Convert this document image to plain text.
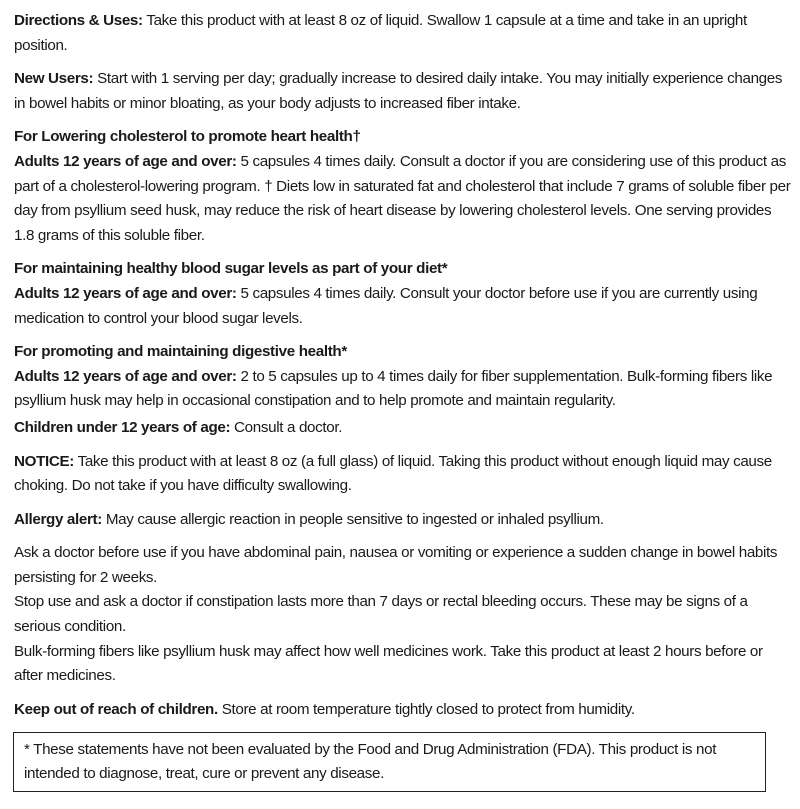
Directions & Uses: Take this product with at least 8 oz of liquid. Swallow 1 capsule at a time and take in an upright position.

New Users: Start with 1 serving per day; gradually increase to desired daily intake. You may initially experience changes in bowel habits or minor bloating, as your body adjusts to increased fiber intake.

For Lowering cholesterol to promote heart health†

Adults 12 years of age and over: 5 capsules 4 times daily. Consult a doctor if you are considering use of this product as part of a cholesterol-lowering program. † Diets low in saturated fat and cholesterol that include 7 grams of soluble fiber per day from psyllium seed husk, may reduce the risk of heart disease by lowering cholesterol levels. One serving provides 1.8 grams of this soluble fiber.

For maintaining healthy blood sugar levels as part of your diet*

Adults 12 years of age and over: 5 capsules 4 times daily. Consult your doctor before use if you are currently using medication to control your blood sugar levels.

For promoting and maintaining digestive health*

Adults 12 years of age and over: 2 to 5 capsules up to 4 times daily for fiber supplementation. Bulk-forming fibers like psyllium husk may help in occasional constipation and to help promote and maintain regularity.

Children under 12 years of age: Consult a doctor.

NOTICE: Take this product with at least 8 oz (a full glass) of liquid. Taking this product without enough liquid may cause choking. Do not take if you have difficulty swallowing.

Allergy alert: May cause allergic reaction in people sensitive to ingested or inhaled psyllium.

Ask a doctor before use if you have abdominal pain, nausea or vomiting or experience a sudden change in bowel habits persisting for 2 weeks.

Stop use and ask a doctor if constipation lasts more than 7 days or rectal bleeding occurs. These may be signs of a serious condition.

Bulk-forming fibers like psyllium husk may affect how well medicines work. Take this product at least 2 hours before or after medicines.

Keep out of reach of children. Store at room temperature tightly closed to protect from humidity.

* These statements have not been evaluated by the Food and Drug Administration (FDA). This product is not intended to diagnose, treat, cure or prevent any disease.
